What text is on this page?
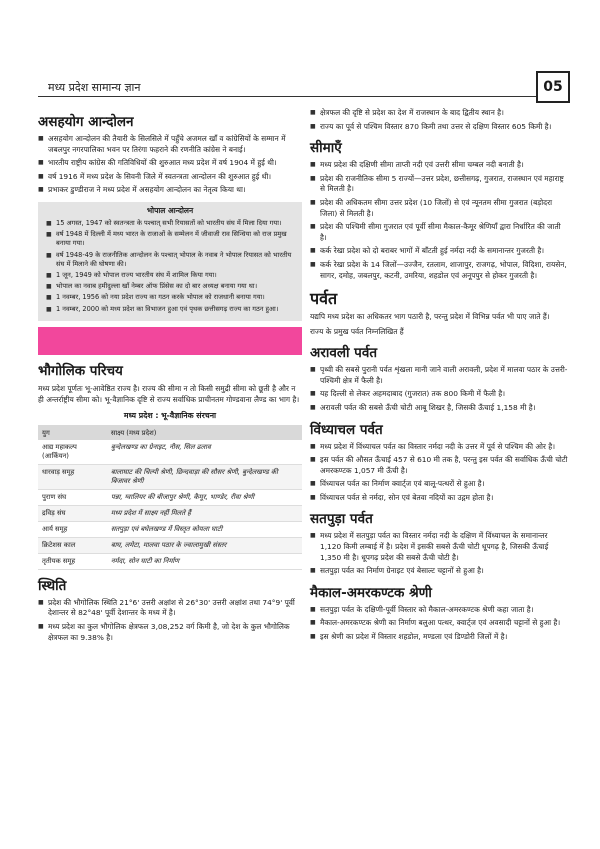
मध्य प्रदेश सामान्य ज्ञान	05
असहयोग आन्दोलन
■ असहयोग आन्दोलन की तैयारी के सिलसिले में पहुँचे अजमल खाँ व कांग्रेसियों के सम्मान में जबलपुर नगरपालिका भवन पर तिरंगा फहराने की रणनीति कांग्रेस ने बनाई।
■ भारतीय राष्ट्रीय कांग्रेस की गतिविधियों की शुरुआत मध्य प्रदेश में वर्ष 1904 में हुई थी।
■ वर्ष 1916 में मध्य प्रदेश के सिवनी जिले में स्वतन्त्रता आन्दोलन की शुरुआत हुई थी।
■ प्रभाकर डुण्डीराज ने मध्य प्रदेश में असहयोग आन्दोलन का नेतृत्व किया था।
भोपाल आन्दोलन
■ 15 अगस्त, 1947 को स्वतन्त्रता के पश्चात् सभी रियासतों को भारतीय संघ में मिला दिया गया।
■ वर्ष 1948 में दिल्ली में मध्य भारत के राजाओं के सम्मेलन में जीवाजी राव सिन्धिया को राज प्रमुख बनाया गया।
■ वर्ष 1948-49 के राजनीतिक आन्दोलन के पश्चात् भोपाल के नवाब ने भोपाल रियासत को भारतीय संघ में मिलाने की घोषणा की।
■ 1 जून, 1949 को भोपाल राज्य भारतीय संघ में शामिल किया गया।
■ भोपाल का नवाब हमीदुल्ला खाँ नेम्बर ऑफ प्रिंसेस का दो बार अध्यक्ष बनाया गया था।
■ 1 नवम्बर, 1956 को नया प्रदेश राज्य का गठन करके भोपाल को राजधानी बनाया गया।
■ 1 नवम्बर, 2000 को मध्य प्रदेश का विभाजन हुआ एवं पृथक छत्तीसगढ़ राज्य का गठन हुआ।
भौगोलिक परिचय

मध्य प्रदेश पूर्णतः भू-आवेष्ठित राज्य है। राज्य की सीमा न तो किसी समुद्री सीमा को छूती है और न ही अन्तर्राष्ट्रीय सीमा को। भू-वैज्ञानिक दृष्टि से राज्य सर्वाधिक प्राचीनतम गोण्डवाना लैण्ड का भाग है।

मध्य प्रदेश : भू-वैज्ञानिक संरचना
युग	साक्ष्य (मध्य प्रदेश)
आद्य महाकल्प (आर्कियन)	बुन्देलखण्ड का ग्रेनाइट, नीस, सिल ढलाव
धारवाड़ समूह	बालाघाट की चिल्पी श्रेणी, छिन्दवाड़ा की सौसर श्रेणी, बुन्देलखण्ड की बिजावर श्रेणी
पुराण संघ	पन्ना, ग्वालियर की बीजापुर श्रेणी, कैमूर, भाण्डेर, रीवा श्रेणी
द्रविड़ संघ	मध्य प्रदेश में साक्ष्य नहीं मिलते हैं
आर्य समूह	सतपुड़ा एवं बघेलखण्ड में विस्तृत कोयला घाटी
क्रिटेशस काल	बाघ, लमेटा, मालवा पठार के ज्वालामुखी संस्तर
तृतीयक समूह	नर्मदा, सोन घाटी का निर्माण
स्थिति
■ प्रदेश की भौगोलिक स्थिति 21°6' उत्तरी अक्षांश से 26°30' उत्तरी अक्षांश तथा 74°9' पूर्वी देशान्तर से 82°48' पूर्वी देशान्तर के मध्य में है।
■ मध्य प्रदेश का कुल भौगोलिक क्षेत्रफल 3,08,252 वर्ग किमी है, जो देश के कुल भौगोलिक क्षेत्रफल का 9.38% है।
■ क्षेत्रफल की दृष्टि से प्रदेश का देश में राजस्थान के बाद द्वितीय स्थान है।
■ राज्य का पूर्व से पश्चिम विस्तार 870 किमी तथा उत्तर से दक्षिण विस्तार 605 किमी है।
सीमाएँ
■ मध्य प्रदेश की दक्षिणी सीमा ताप्ती नदी एवं उत्तरी सीमा चम्बल नदी बनाती है।
■ प्रदेश की राजनीतिक सीमा 5 राज्यों—उत्तर प्रदेश, छत्तीसगढ़, गुजरात, राजस्थान एवं महाराष्ट्र से मिलती है।
■ प्रदेश की अधिकतम सीमा उत्तर प्रदेश (10 जिलों) से एवं न्यूनतम सीमा गुजरात (बड़ोदरा जिला) से मिलती है।
■ प्रदेश की पश्चिमी सीमा गुजरात एवं पूर्वी सीमा मैकाल-कैमूर श्रेणियाँ द्वारा निर्धारित की जाती है।
■ कर्क रेखा प्रदेश को दो बराबर भागों में बाँटती हुई नर्मदा नदी के समानान्तर गुजरती है।
■ कर्क रेखा प्रदेश के 14 जिलों—उज्जैन, रतलाम, शाजापुर, राजगढ़, भोपाल, विदिशा, रायसेन, सागर, दमोह, जबलपुर, कटनी, उमरिया, शहडोल एवं अनूपपुर से होकर गुजरती है।
पर्वत

यद्यपि मध्य प्रदेश का अधिकतर भाग पठारी है, परन्तु प्रदेश में विभिन्न पर्वत भी पाए जाते हैं।

राज्य के प्रमुख पर्वत निम्नलिखित हैं

अरावली पर्वत
■ पृथ्वी की सबसे पुरानी पर्वत शृंखला मानी जाने वाली अरावली, प्रदेश में मालवा पठार के उत्तरी-पश्चिमी क्षेत्र में फैली है।
■ यह दिल्ली से लेकर अहमदाबाद (गुजरात) तक 800 किमी में फैली है।
■ अरावली पर्वत की सबसे ऊँची चोटी आबू शिखर है, जिसकी ऊँचाई 1,158 मी है।
विंध्याचल पर्वत
■ मध्य प्रदेश में विंध्याचल पर्वत का विस्तार नर्मदा नदी के उत्तर में पूर्व से पश्चिम की ओर है।
■ इस पर्वत की औसत ऊँचाई 457 से 610 मी तक है, परन्तु इस पर्वत की सर्वाधिक ऊँची चोटी अमरकण्टक 1,057 मी ऊँची है।
■ विंध्याचल पर्वत का निर्माण क्वार्ट्ज एवं बालू-पत्थरों से हुआ है।
■ विंध्याचल पर्वत से नर्मदा, सोन एवं बेतवा नदियों का उद्गम होता है।
सतपुड़ा पर्वत
■ मध्य प्रदेश में सतपुड़ा पर्वत का विस्तार नर्मदा नदी के दक्षिण में विंध्याचल के समानान्तर 1,120 किमी लम्बाई में है। प्रदेश में इसकी सबसे ऊँची चोटी धूपगढ़ है, जिसकी ऊँचाई 1,350 मी है। धूपगढ़ प्रदेश की सबसे ऊँची चोटी है।
■ सतपुड़ा पर्वत का निर्माण ग्रेनाइट एवं बेसाल्ट चट्टानों से हुआ है।
मैकाल-अमरकण्टक श्रेणी
■ सतपुड़ा पर्वत के दक्षिणी-पूर्वी विस्तार को मैकाल-अमरकण्टक श्रेणी कहा जाता है।
■ मैकाल-अमरकण्टक श्रेणी का निर्माण बलुआ पत्थर, क्वार्ट्ज एवं अवसादी चट्टानों से हुआ है।
■ इस श्रेणी का प्रदेश में विस्तार शहडोल, मण्डला एवं डिण्डोरी जिलों में है।
